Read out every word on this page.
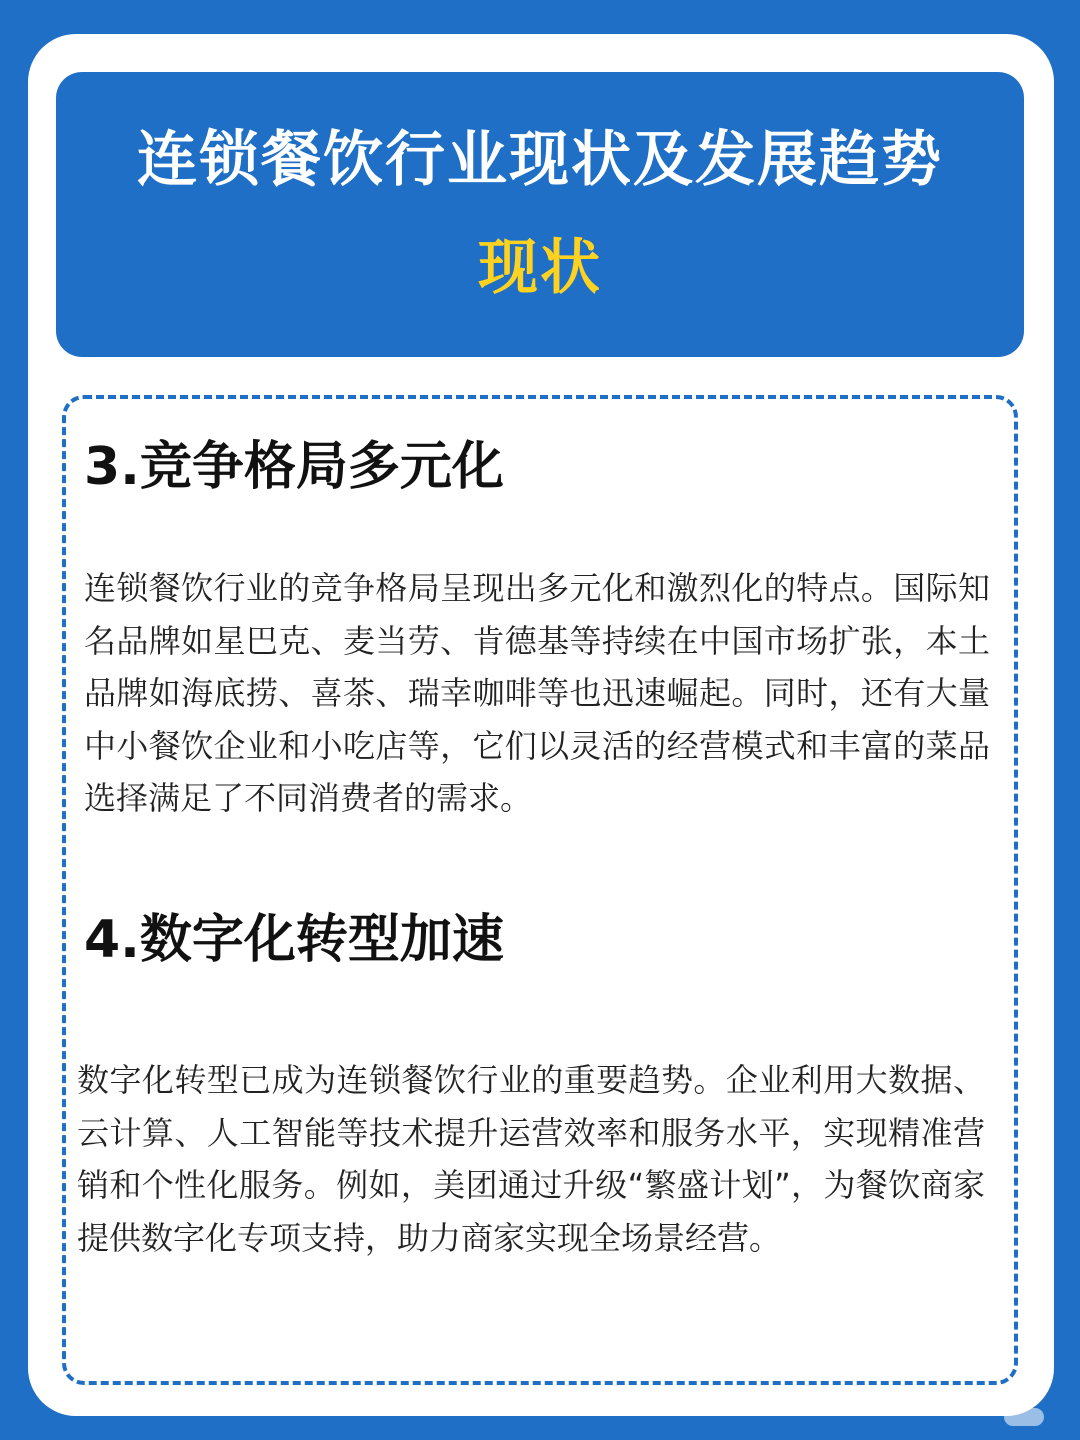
连锁餐饮行业现状及发展趋势
现状
3.竞争格局多元化

连锁餐饮行业的竞争格局呈现出多元化和激烈化的特点。国际知名品牌如星巴克、麦当劳、肯德基等持续在中国市场扩张，本土品牌如海底捞、喜茶、瑞幸咖啡等也迅速崛起。同时，还有大量中小餐饮企业和小吃店等，它们以灵活的经营模式和丰富的菜品选择满足了不同消费者的需求。

4.数字化转型加速

数字化转型已成为连锁餐饮行业的重要趋势。企业利用大数据、云计算、人工智能等技术提升运营效率和服务水平，实现精准营销和个性化服务。例如，美团通过升级“繁盛计划”，为餐饮商家提供数字化专项支持，助力商家实现全场景经营。
